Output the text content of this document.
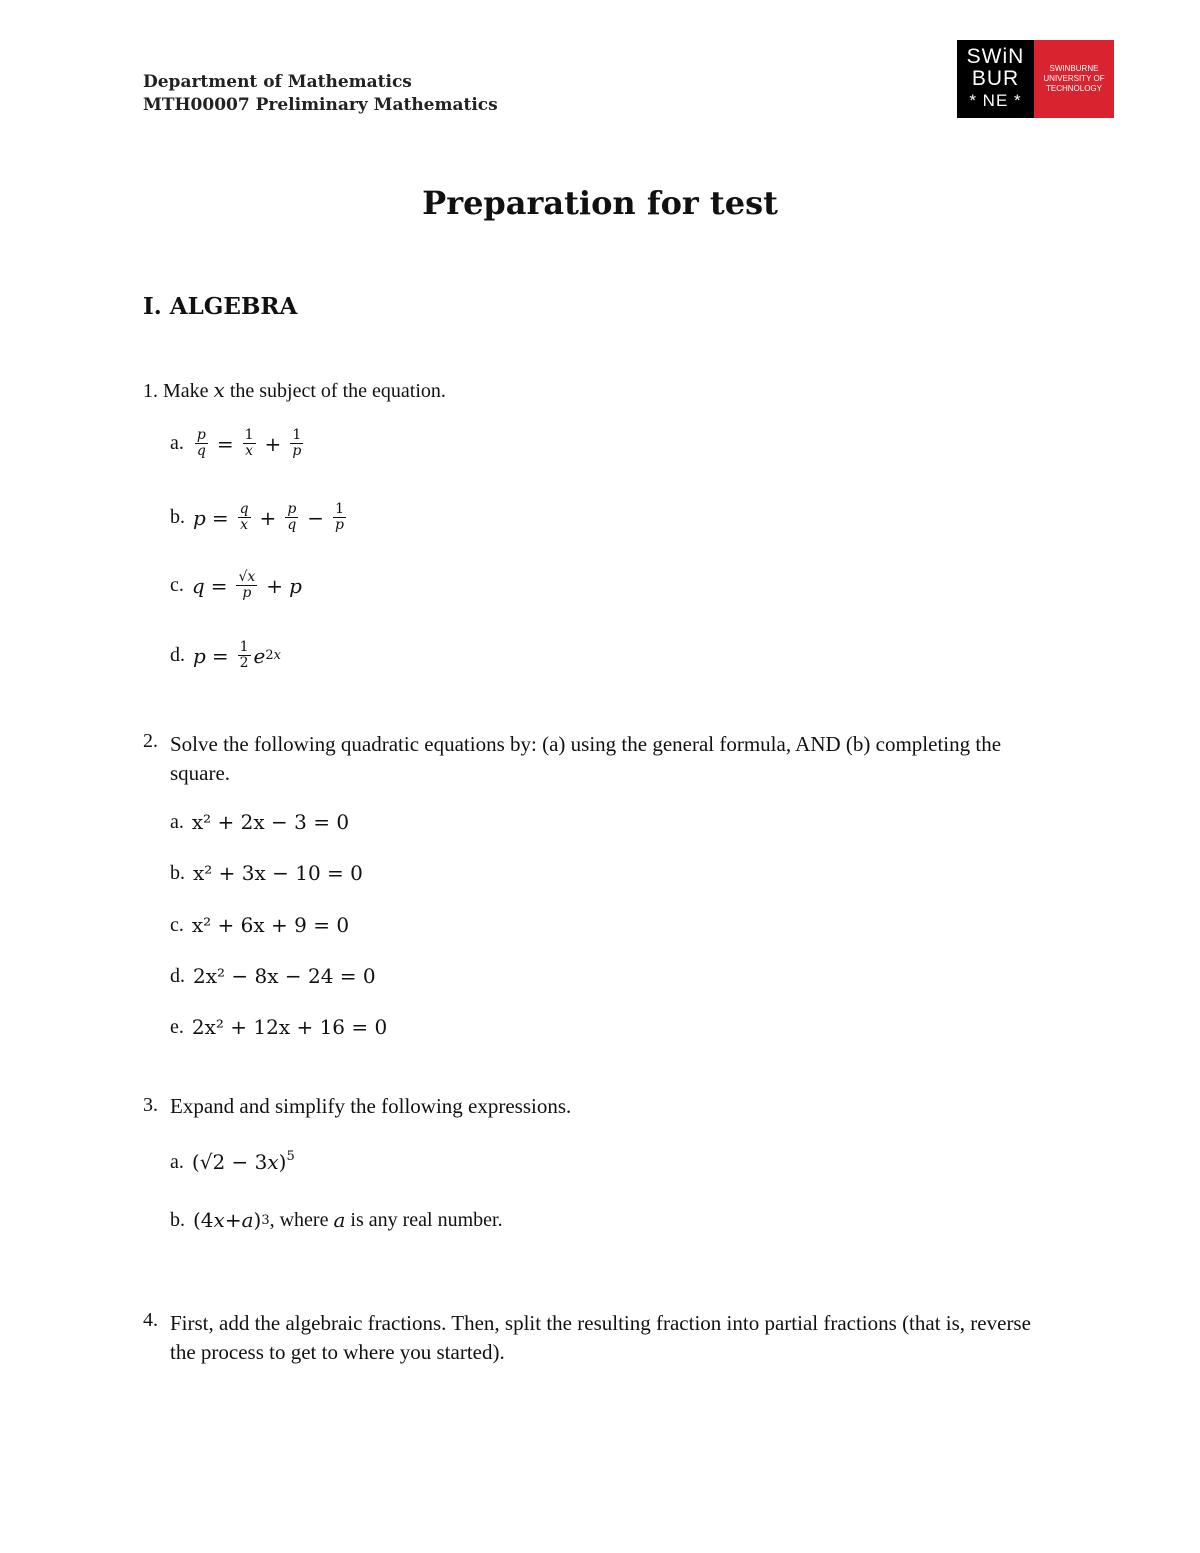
Department of Mathematics
MTH00007 Preliminary Mathematics
SWiN
BUR
* NE *
SWINBURNE UNIVERSITY OF TECHNOLOGY
Preparation for test
I. ALGEBRA
1. Make x the subject of the equation.
a. $\frac{p}{q} = \frac{1}{x} + \frac{1}{p}$
b. $p = \frac{q}{x} + \frac{p}{q} - \frac{1}{p}$
c. $q = \frac{√x}{p} + p$
d. $p = \frac{1}{2}$ e 2x
2. Solve the following quadratic equations by: (a) using the general formula, AND (b) completing the square.
a. x² + 2x − 3 = 0
b. x² + 3x − 10 = 0
c. x² + 6x + 9 = 0
d. 2x² − 8x − 24 = 0
e. 2x² + 12x + 16 = 0
3. Expand and simplify the following expressions.
a. (√2 − 3 x )$^5$
b. (4 x + a ) 3 , where
a
is any real number.
4. First, add the algebraic fractions. Then, split the resulting fraction into partial fractions (that is, reverse the process to get to where you started).
